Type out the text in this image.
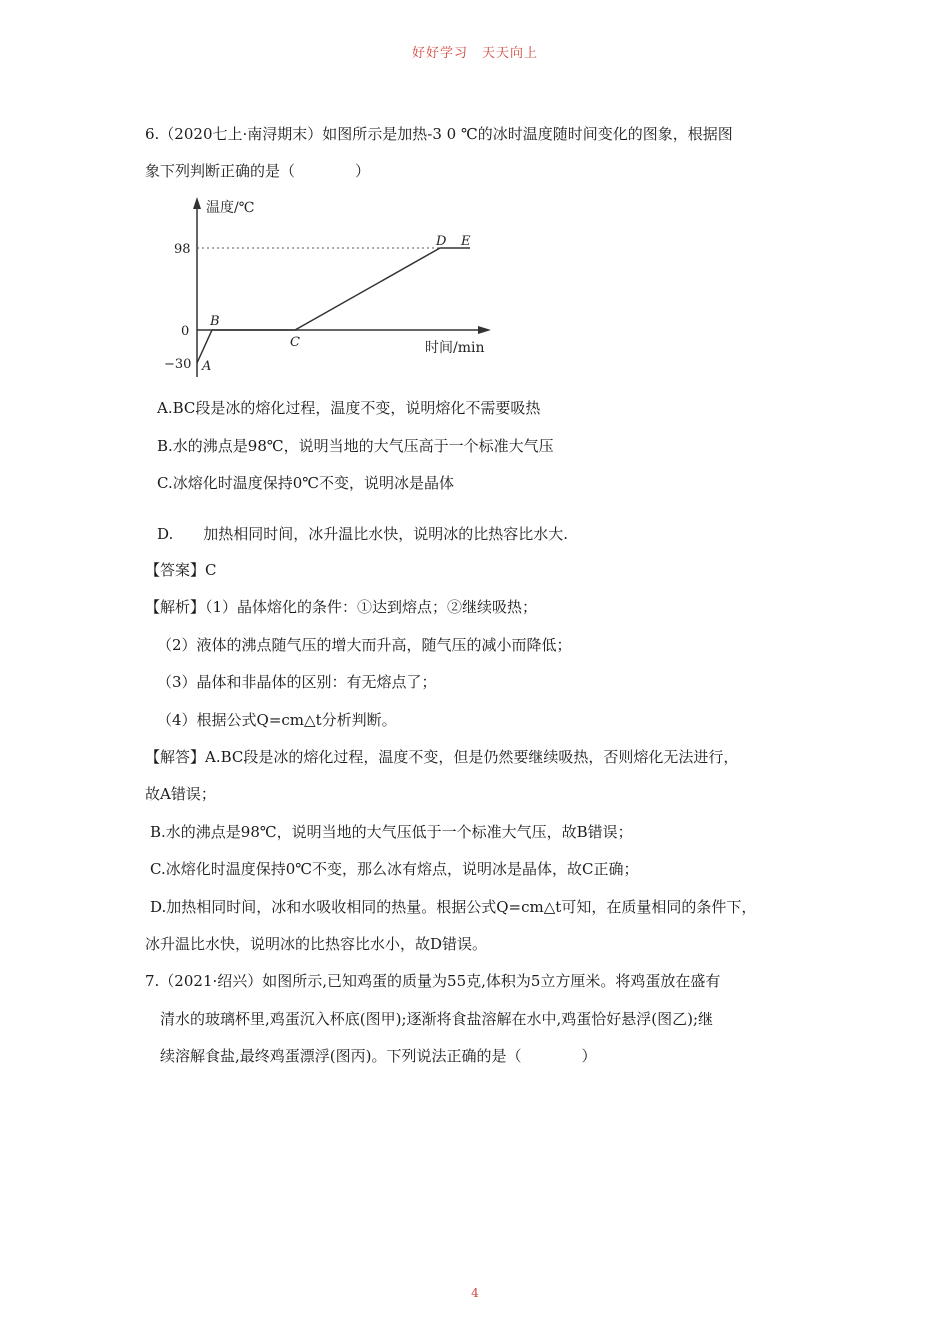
好好学习　天天向上
6.（2020七上·南浔期末）如图所示是加热-3 0 ℃的冰时温度随时间变化的图象，根据图
象下列判断正确的是（　　　　）
温度/℃
时间/min
98
0
−30 A
B
C
D E
A.BC段是冰的熔化过程，温度不变，说明熔化不需要吸热
B.水的沸点是98℃，说明当地的大气压高于一个标准大气压
C.冰熔化时温度保持0℃不变，说明冰是晶体
D.　　加热相同时间，冰升温比水快，说明冰的比热容比水大.
【答案】C
【解析】（1）晶体熔化的条件：①达到熔点；②继续吸热；
（2）液体的沸点随气压的增大而升高，随气压的减小而降低；
（3）晶体和非晶体的区别：有无熔点了；
（4）根据公式Q=cm△t分析判断。
【解答】A.BC段是冰的熔化过程，温度不变，但是仍然要继续吸热，否则熔化无法进行，
故A错误；
B.水的沸点是98℃，说明当地的大气压低于一个标准大气压，故B错误；
C.冰熔化时温度保持0℃不变，那么冰有熔点，说明冰是晶体，故C正确；
D.加热相同时间，冰和水吸收相同的热量。根据公式Q=cm△t可知，在质量相同的条件下，
冰升温比水快，说明冰的比热容比水小，故D错误。
7.（2021·绍兴）如图所示,已知鸡蛋的质量为55克,体积为5立方厘米。将鸡蛋放在盛有
清水的玻璃杯里,鸡蛋沉入杯底(图甲);逐渐将食盐溶解在水中,鸡蛋恰好悬浮(图乙);继
续溶解食盐,最终鸡蛋漂浮(图丙)。下列说法正确的是（　　　　）
4
